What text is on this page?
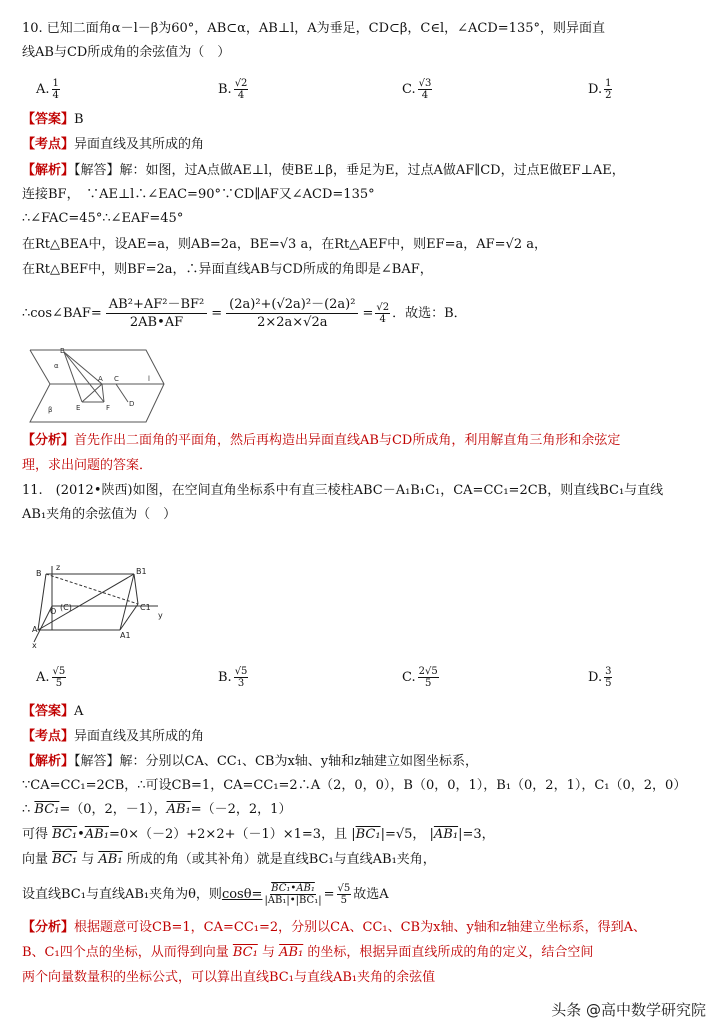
10. 已知二面角α－l－β为60°，AB⊂α，AB⊥l，A为垂足，CD⊂β，C∈l，∠ACD=135°，则异面直
线AB与CD所成角的余弦值为（　）
A. $\frac{1}{4}$	B. $\frac{√2}{4}$	C. $\frac{√3}{4}$	D. $\frac{1}{2}$
【答案】B
【考点】异面直线及其所成的角
【解析】【解答】解：如图，过A点做AE⊥l，使BE⊥β，垂足为E，过点A做AF∥CD，过点E做EF⊥AE，
连接BF，　∵AE⊥l∴∠EAC=90°∵CD∥AF又∠ACD=135°
∴∠FAC=45°∴∠EAF=45°
在Rt△BEA中，设AE=a，则AB=2a，BE=√3 a，在Rt△AEF中，则EF=a，AF=√2 a，
在Rt△BEF中，则BF=2a，∴异面直线AB与CD所成的角即是∠BAF，
∴cos∠BAF= $\frac{\text{AB²+AF²－BF²}}{2AB•AF} = \frac{\text{(2a)²+(√2a)²－(2a)²}}{2\times 2a\times√2a} = \frac{√2}{4}$ ．故选：B．
α
β
B
A C
D
E	F
l
【分析】首先作出二面角的平面角，然后再构造出异面直线AB与CD所成角，利用解直角三角形和余弦定
理，求出问题的答案．
11.　(2012•陕西)如图，在空间直角坐标系中有直三棱柱ABC－A₁B₁C₁，CA=CC₁=2CB，则直线BC₁与直线
AB₁夹角的余弦值为（　）
z
B	B1
(C)
O	C1
y
A
A1
x
A. $\frac{√5}{5}$	B. $\frac{√5}{3}$	C. $\frac{2√5}{5}$	D. $\frac{3}{5}$
【答案】A
【考点】异面直线及其所成的角
【解析】【解答】解：分别以CA、CC₁、CB为x轴、y轴和z轴建立如图坐标系，
∵CA=CC₁=2CB，∴可设CB=1，CA=CC₁=2∴A（2，0，0），B（0，0，1），B₁（0，2，1），C₁（0，2，0）
∴ BC₁=（0，2，－1），AB₁=（－2，2，1）
可得 BC₁•AB₁=0×（－2）+2×2+（－1）×1=3，且 |BC₁|=√5， |AB₁|=3，
向量 BC₁ 与 AB₁ 所成的角（或其补角）就是直线BC₁与直线AB₁夹角，
设直线BC₁与直线AB₁夹角为θ，则$\cos\theta= \frac{\text{BC₁•AB₁}}{\text{|AB₁|•|BC₁|}} = \frac{√5}{5}$ 故选A
【分析】根据题意可设CB=1，CA=CC₁=2，分别以CA、CC₁、CB为x轴、y轴和z轴建立坐标系，得到A、
B、C₁四个点的坐标，从而得到向量 BC₁ 与 AB₁ 的坐标，根据异面直线所成的角的定义，结合空间
两个向量数量积的坐标公式，可以算出直线BC₁与直线AB₁夹角的余弦值
头条 @高中数学研究院
